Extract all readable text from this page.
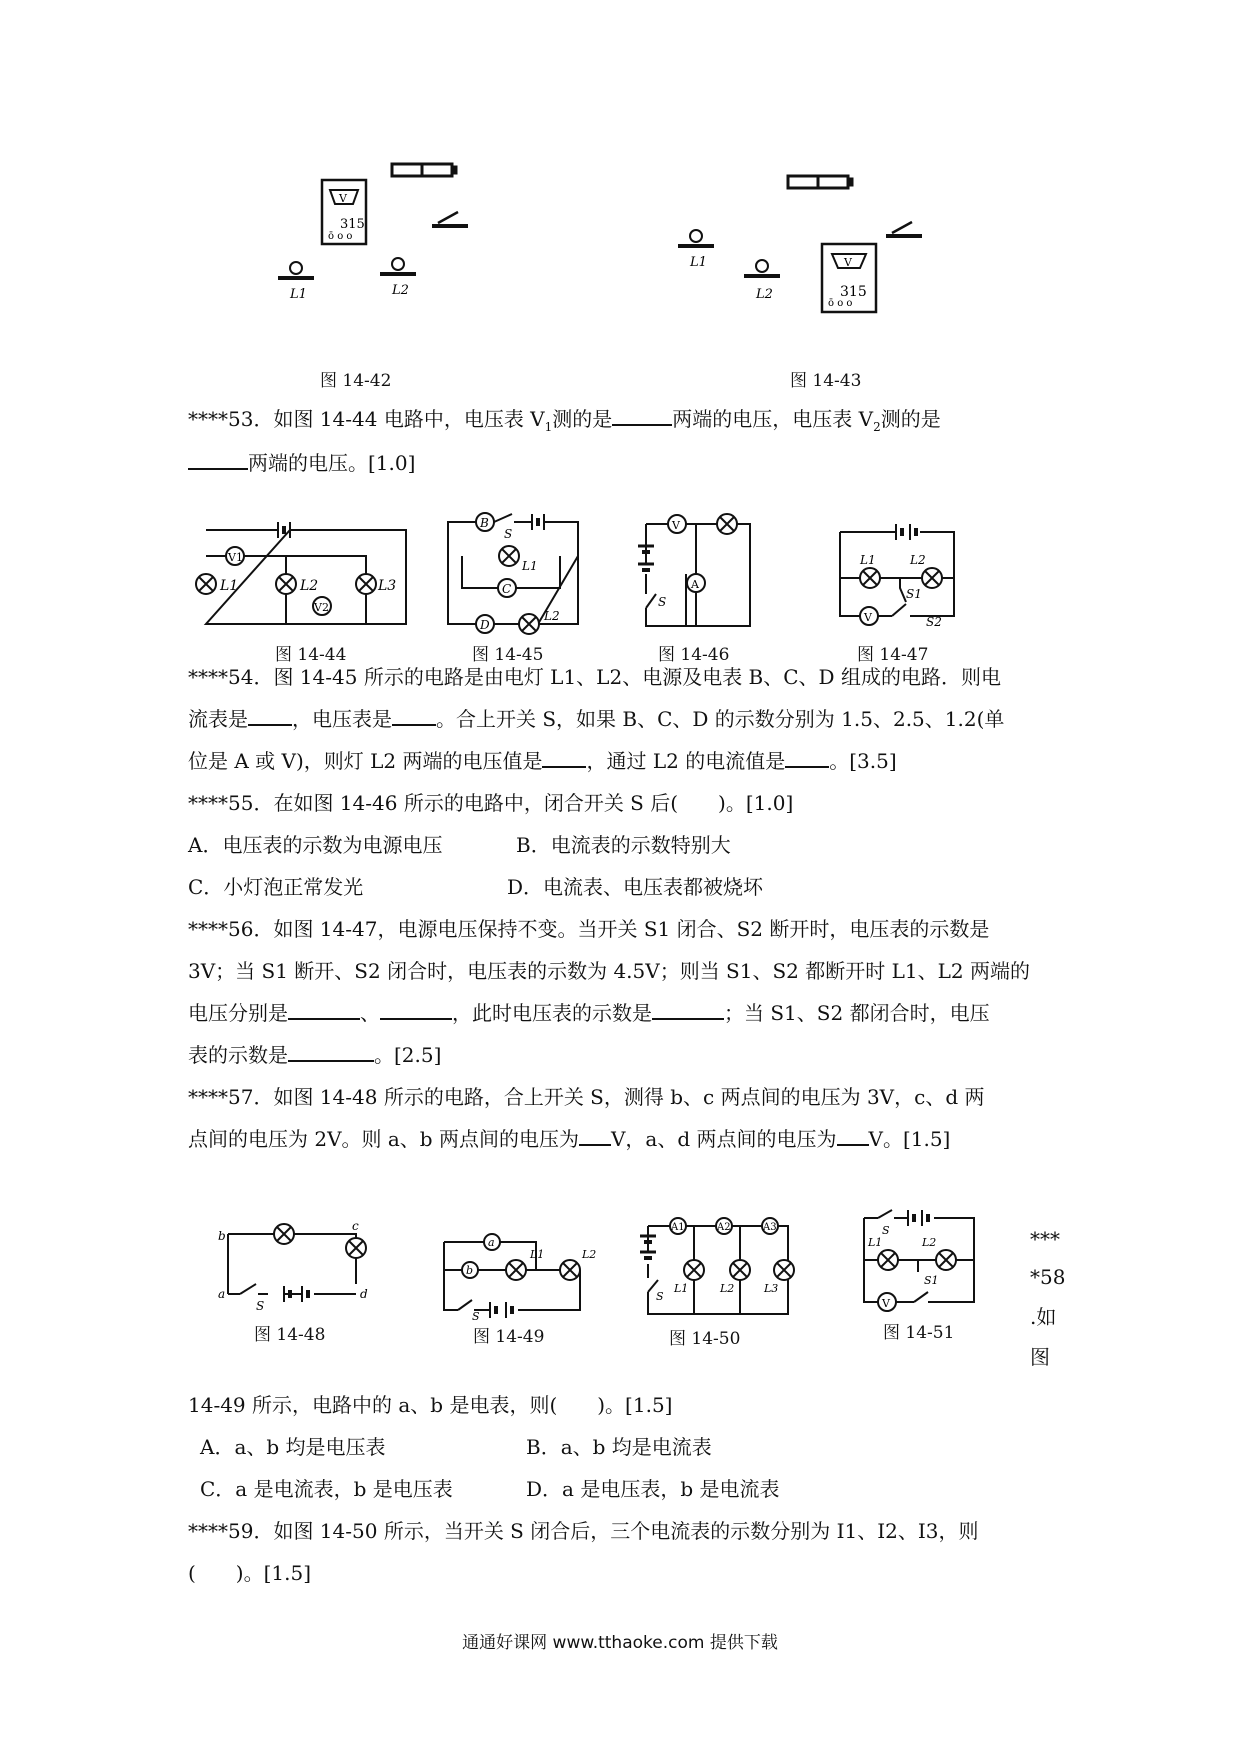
V
315
ō o o
L1	L2
图 14-42
V
315
ō o o
L1
L2
图 14-43
****53．如图 14-44 电路中，电压表 $V_1$测的是	两端的电压，电压表 $V_2$测的是
两端的电压。[1.0]
V1
V2
L1	L2	L3
图 14-44
B
S
L1
C
D
L2
图 14-45
V
A
S
图 14-46
L1	L2
S1
V	S2
图 14-47
****54．图 14-45 所示的电路是由电灯 L1、L2、电源及电表 B、C、D 组成的电路．则电
流表是 ，电压表是 。合上开关 S，如果 B、C、D 的示数分别为 1.5、2.5、1.2(单
位是 A 或 V)，则灯 L2 两端的电压值是 ，通过 L2 的电流值是 。[3.5]
****55．在如图 14-46 所示的电路中，闭合开关 S 后(　　)。[1.0]
A．电压表的示数为电源电压	B．电流表的示数特别大
C．小灯泡正常发光	D．电流表、电压表都被烧坏
****56．如图 14-47，电源电压保持不变。当开关 S1 闭合、S2 断开时，电压表的示数是
3V；当 S1 断开、S2 闭合时，电压表的示数为 4.5V；则当 S1、S2 都断开时 L1、L2 两端的
电压分别是	、	，此时电压表的示数是	；当 S1、S2 都闭合时，电压
表的示数是	。[2.5]
****57．如图 14-48 所示的电路，合上开关 S，测得 b、c 两点间的电压为 3V，c、d 两
点间的电压为 2V。则 a、b 两点间的电压为 V，a、d 两点间的电压为 V。[1.5]
b
a
c
d
S
图 14-48
a
b
L1	L2
S
图 14-49
A1	A2	A3
L1	L2	L3
S
图 14-50
S
L1	L2
S1
V
图 14-51
***
*58
.如
图
14-49 所示，电路中的 a、b 是电表，则(　　)。[1.5]
A．a、b 均是电压表	B．a、b 均是电流表
C．a 是电流表，b 是电压表	D．a 是电压表，b 是电流表
****59．如图 14-50 所示，当开关 S 闭合后，三个电流表的示数分别为 I1、I2、I3，则
(　　)。[1.5]
通通好课网 www.tthaoke.com 提供下载
